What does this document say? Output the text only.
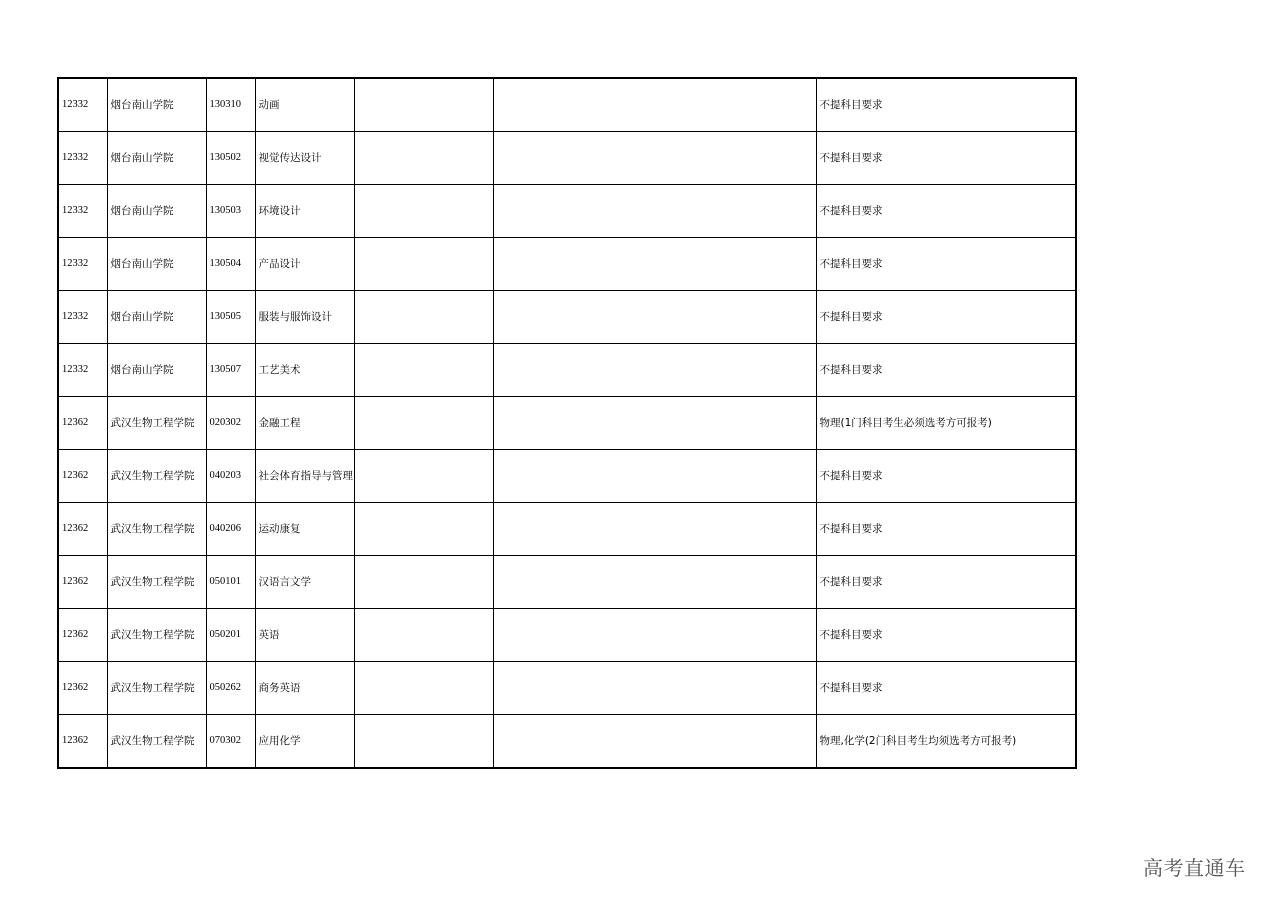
12332	烟台南山学院	130310	动画			不提科目要求
12332	烟台南山学院	130502	视觉传达设计			不提科目要求
12332	烟台南山学院	130503	环境设计			不提科目要求
12332	烟台南山学院	130504	产品设计			不提科目要求
12332	烟台南山学院	130505	服装与服饰设计			不提科目要求
12332	烟台南山学院	130507	工艺美术			不提科目要求
12362	武汉生物工程学院	020302	金融工程			物理(1门科目考生必须选考方可报考)
12362	武汉生物工程学院	040203	社会体育指导与管理			不提科目要求
12362	武汉生物工程学院	040206	运动康复			不提科目要求
12362	武汉生物工程学院	050101	汉语言文学			不提科目要求
12362	武汉生物工程学院	050201	英语			不提科目要求
12362	武汉生物工程学院	050262	商务英语			不提科目要求
12362	武汉生物工程学院	070302	应用化学			物理,化学(2门科目考生均须选考方可报考)
高考直通车
